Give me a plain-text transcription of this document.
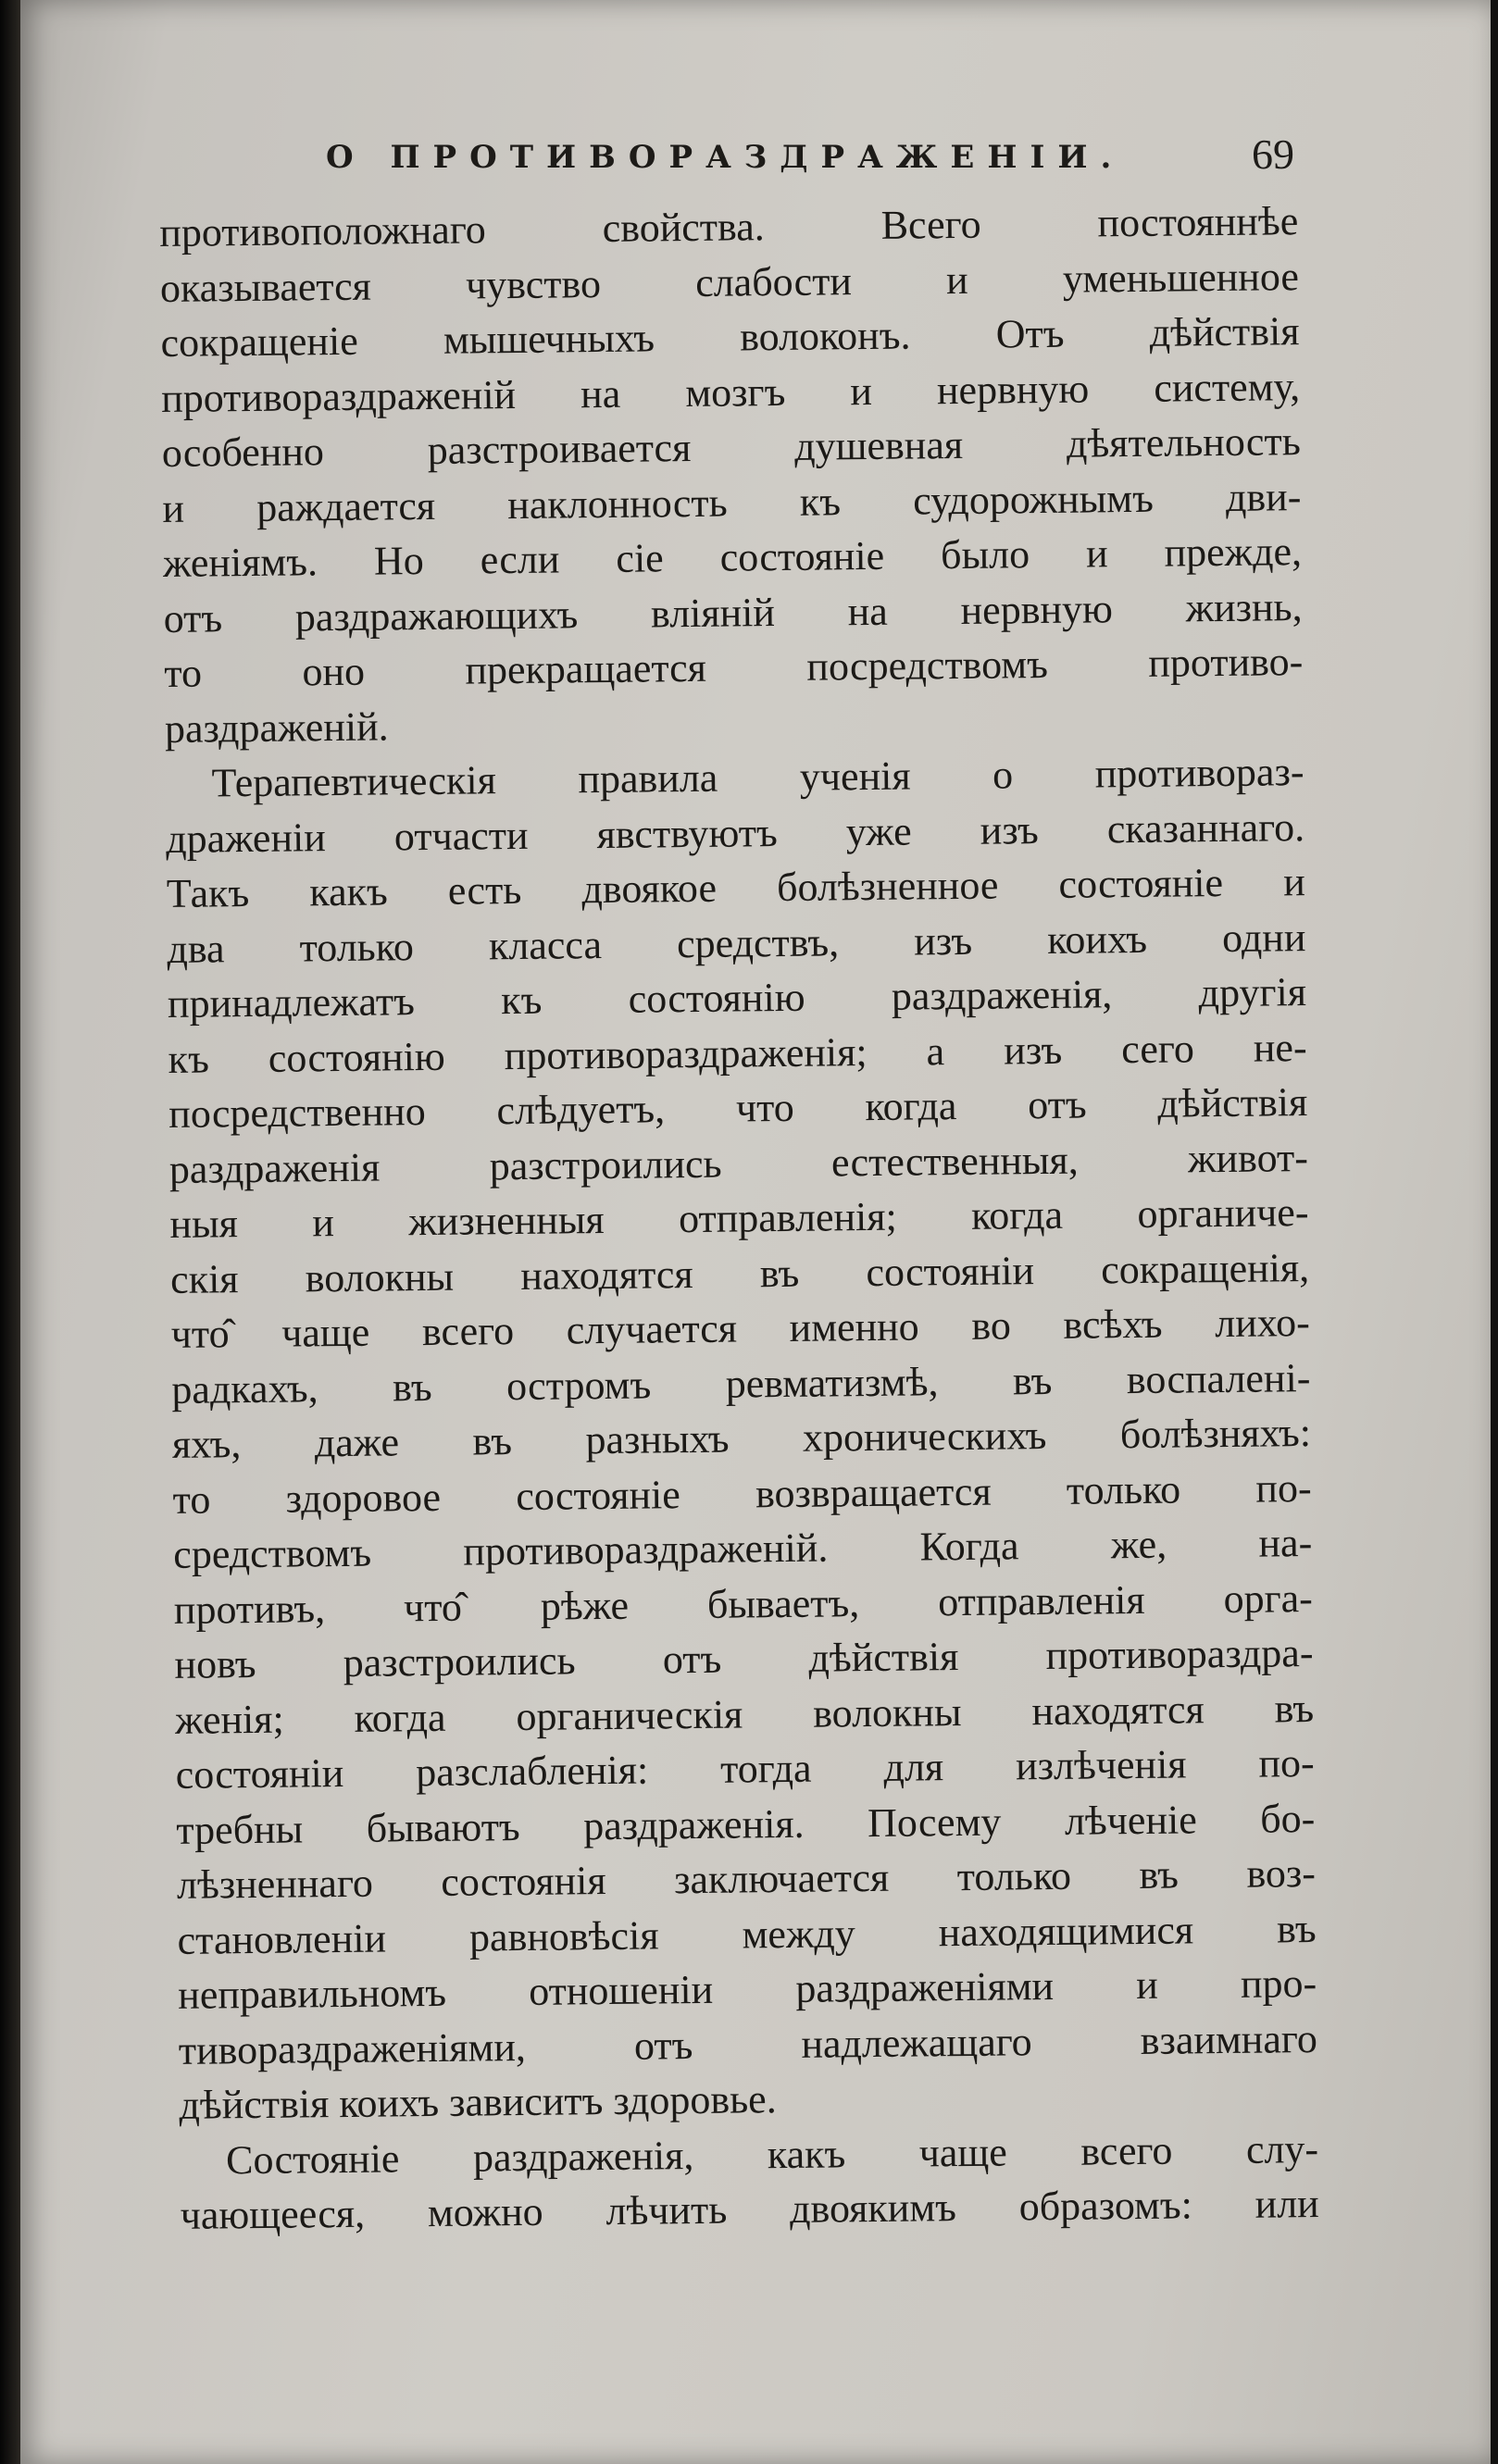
О ПРОТИВОРАЗДРАЖЕНІИ.	69
противоположнаго свойства. Всего постояннѣе
оказывается чувство слабости и уменьшенное
сокращеніе мышечныхъ волоконъ. Отъ дѣйствія
противораздраженій на мозгъ и нервную систему,
особенно разстроивается душевная дѣятельность
и раждается наклонность къ судорожнымъ дви-
женіямъ. Но если сіе состояніе было и прежде,
отъ раздражающихъ вліяній на нервную жизнь,
то оно прекращается посредствомъ противо-
раздраженій.
Терапевтическія правила ученія о противораз-
драженіи отчасти явствуютъ уже изъ сказаннаго.
Такъ какъ есть двоякое болѣзненное состояніе и
два только класса средствъ, изъ коихъ одни
принадлежатъ къ состоянію раздраженія, другія
къ состоянію противораздраженія; а изъ сего не-
посредственно слѣдуетъ, что когда отъ дѣйствія
раздраженія разстроились естественныя, живот-
ныя и жизненныя отправленія; когда органиче-
скія волокны находятся въ состояніи сокращенія,
что̂ чаще всего случается именно во всѣхъ лихо-
радкахъ, въ остромъ ревматизмѣ, въ воспалені-
яхъ, даже въ разныхъ хроническихъ болѣзняхъ:
то здоровое состояніе возвращается только по-
средствомъ противораздраженій. Когда же, на-
противъ, что̂ рѣже бываетъ, отправленія орга-
новъ разстроились отъ дѣйствія противораздра-
женія; когда органическія волокны находятся въ
состояніи разслабленія: тогда для излѣченія по-
требны бываютъ раздраженія. Посему лѣченіе бо-
лѣзненнаго состоянія заключается только въ воз-
становленіи равновѣсія между находящимися въ
неправильномъ отношеніи раздраженіями и про-
тивораздраженіями, отъ надлежащаго взаимнаго
дѣйствія коихъ зависитъ здоровье.
Состояніе раздраженія, какъ чаще всего слу-
чающееся, можно лѣчить двоякимъ образомъ: или
